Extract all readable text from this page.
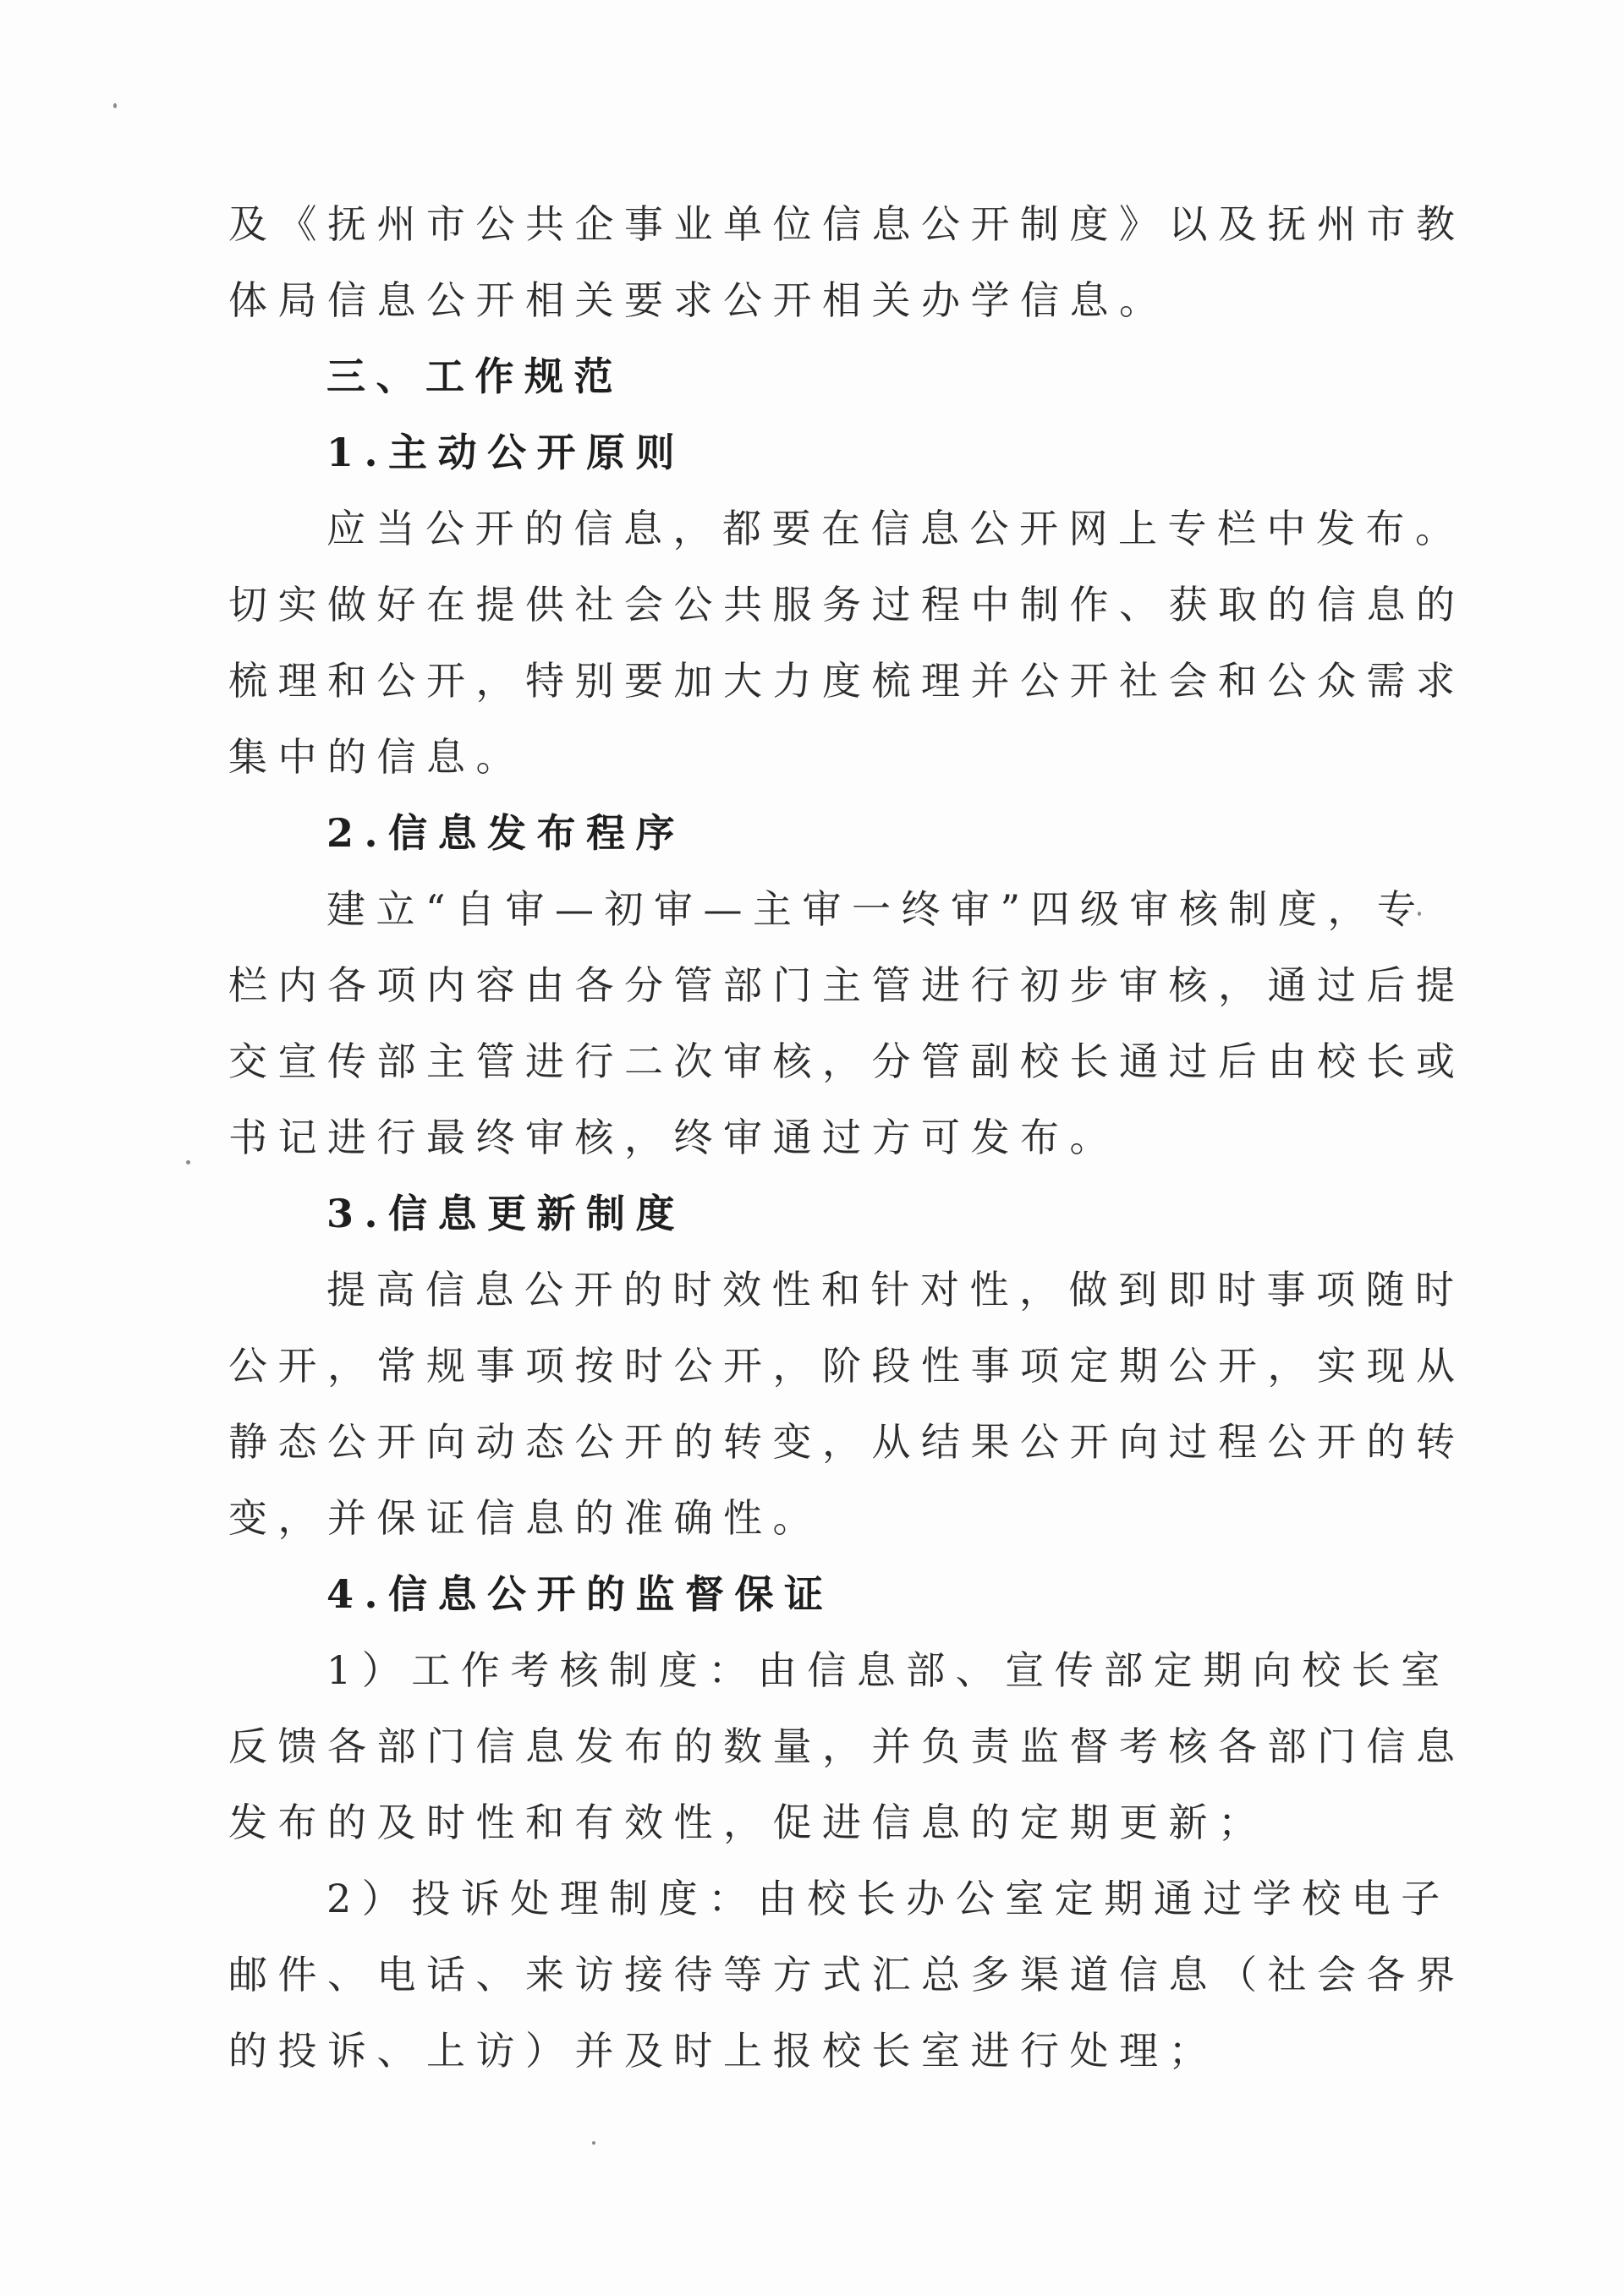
及《抚州市公共企事业单位信息公开制度》以及抚州市教
体局信息公开相关要求公开相关办学信息。
三、工作规范
1.主动公开原则
应当公开的信息，都要在信息公开网上专栏中发布。
切实做好在提供社会公共服务过程中制作、获取的信息的
梳理和公开，特别要加大力度梳理并公开社会和公众需求
集中的信息。
2.信息发布程序
建立“自审—初审—主审一终审”四级审核制度，专
栏内各项内容由各分管部门主管进行初步审核，通过后提
交宣传部主管进行二次审核，分管副校长通过后由校长或
书记进行最终审核，终审通过方可发布。
3.信息更新制度
提高信息公开的时效性和针对性，做到即时事项随时
公开，常规事项按时公开，阶段性事项定期公开，实现从
静态公开向动态公开的转变，从结果公开向过程公开的转
变，并保证信息的准确性。
4.信息公开的监督保证
1）工作考核制度：由信息部、宣传部定期向校长室
反馈各部门信息发布的数量，并负责监督考核各部门信息
发布的及时性和有效性，促进信息的定期更新；
2）投诉处理制度：由校长办公室定期通过学校电子
邮件、电话、来访接待等方式汇总多渠道信息（社会各界
的投诉、上访）并及时上报校长室进行处理；
